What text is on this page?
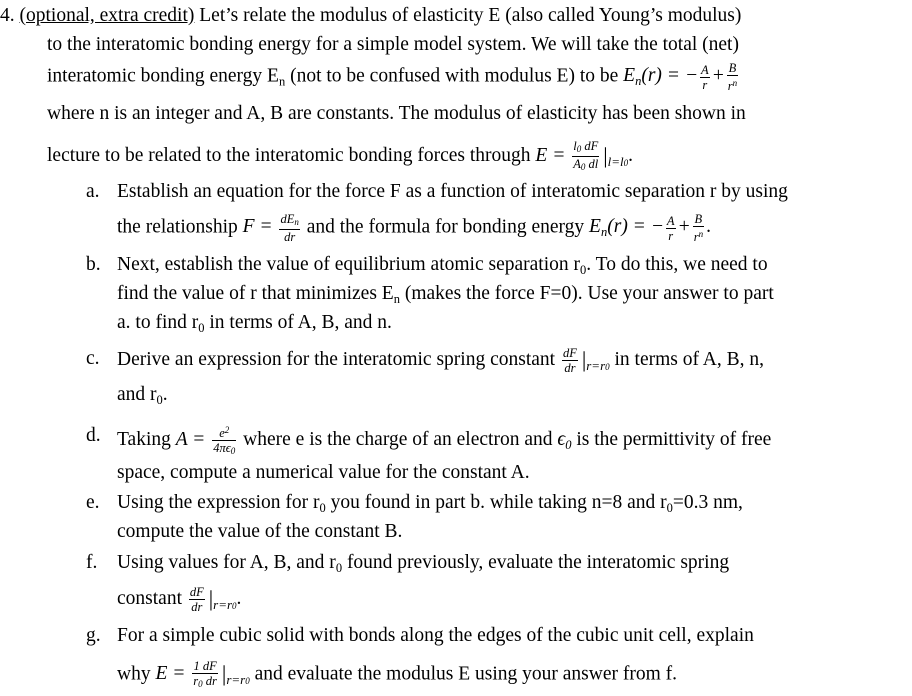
4. (optional, extra credit) Let’s relate the modulus of elasticity E (also called Young’s modulus)
to the interatomic bonding energy for a simple model system. We will take the total (net)
interatomic bonding energy $E_n$ (not to be confused with modulus E) to be $E_n(r)$ = − $\frac{A}{r} + \frac{B}{r^n}$
where n is an integer and A, B are constants. The modulus of elasticity has been shown in
lecture to be related to the interatomic bonding forces through $E = \frac{l0 dF}{A0 dl} |_{l=l0}$.
a. Establish an equation for the force F as a function of interatomic separation r by using
the relationship $F = \frac{\text{dEn}}{dr}$ and the formula for bonding energy $E_n(r)$ = − $\frac{A}{r} + \frac{B}{r^n}$ .
b. Next, establish the value of equilibrium atomic separation $r_0$. To do this, we need to
find the value of r that minimizes $E_n$ (makes the force F=0). Use your answer to part
a. to find $r_0$ in terms of A, B, and n.
c. Derive an expression for the interatomic spring constant $\frac{dF}{dr} |_{r=r0}$ in terms of A, B, n,
and $r_0$.
d. Taking $A = \frac{e^2}{4\pi\epsilon 0}$ where e is the charge of an electron and $\epsilon_0$ is the permittivity of free
space, compute a numerical value for the constant A.
e. Using the expression for $r_0$ you found in part b. while taking n=8 and $r_0=0.3$ nm,
compute the value of the constant B.
f. Using values for A, B, and $r_0$ found previously, evaluate the interatomic spring
constant $\frac{dF}{dr} |_{r=r0}$.
g. For a simple cubic solid with bonds along the edges of the cubic unit cell, explain
why $E = \frac{1 dF}{r0 dr} |_{r=r0}$ and evaluate the modulus E using your answer from f.
